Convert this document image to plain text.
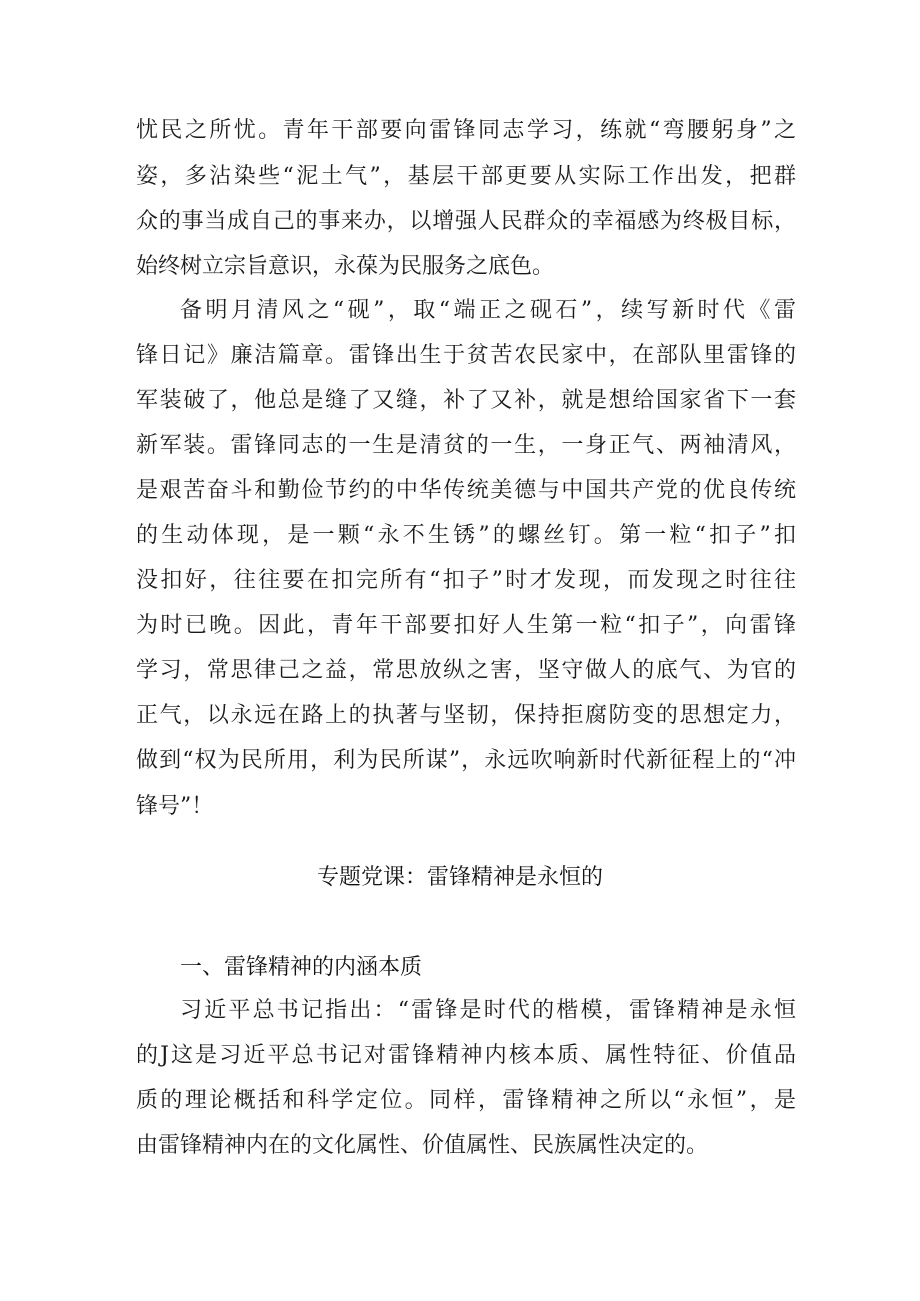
忧民之所忧。青年干部要向雷锋同志学习，练就“弯腰躬身”之
姿，多沾染些“泥土气”，基层干部更要从实际工作出发，把群
众的事当成自己的事来办，以增强人民群众的幸福感为终极目标，
始终树立宗旨意识，永葆为民服务之底色。
备明月清风之“砚”，取“端正之砚石”，续写新时代《雷
锋日记》廉洁篇章。雷锋出生于贫苦农民家中，在部队里雷锋的
军装破了，他总是缝了又缝，补了又补，就是想给国家省下一套
新军装。雷锋同志的一生是清贫的一生，一身正气、两袖清风，
是艰苦奋斗和勤俭节约的中华传统美德与中国共产党的优良传统
的生动体现，是一颗“永不生锈”的螺丝钉。第一粒“扣子”扣
没扣好，往往要在扣完所有“扣子”时才发现，而发现之时往往
为时已晚。因此，青年干部要扣好人生第一粒“扣子”，向雷锋
学习，常思律己之益，常思放纵之害，坚守做人的底气、为官的
正气，以永远在路上的执著与坚韧，保持拒腐防变的思想定力，
做到“权为民所用，利为民所谋”，永远吹响新时代新征程上的“冲
锋号”！
专题党课：雷锋精神是永恒的
一、雷锋精神的内涵本质
习近平总书记指出：“雷锋是时代的楷模，雷锋精神是永恒
的J这是习近平总书记对雷锋精神内核本质、属性特征、价值品
质的理论概括和科学定位。同样，雷锋精神之所以“永恒”，是
由雷锋精神内在的文化属性、价值属性、民族属性决定的。
